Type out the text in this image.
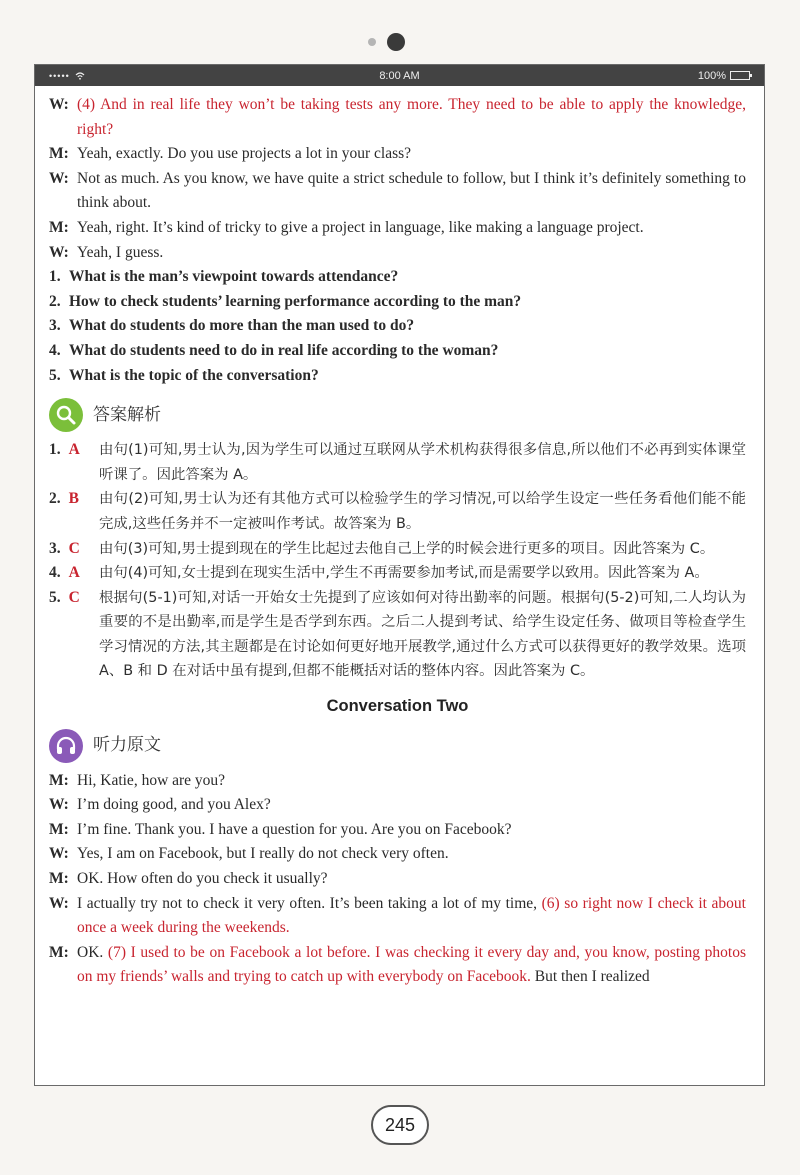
•••••	8:00 AM	100%
W: (4) And in real life they won’t be taking tests any more. They need to be able to apply the knowledge, right?
M: Yeah, exactly. Do you use projects a lot in your class?
W: Not as much. As you know, we have quite a strict schedule to follow, but I think it’s definitely something to think about.
M: Yeah, right. It’s kind of tricky to give a project in language, like making a language project.
W: Yeah, I guess.
1. What is the man’s viewpoint towards attendance?
2. How to check students’ learning performance according to the man?
3. What do students do more than the man used to do?
4. What do students need to do in real life according to the woman?
5. What is the topic of the conversation?
答案解析
1. A	由句(1)可知,男士认为,因为学生可以通过互联网从学术机构获得很多信息,所以他们不必再到实体课堂听课了。因此答案为 A。
2. B	由句(2)可知,男士认为还有其他方式可以检验学生的学习情况,可以给学生设定一些任务看他们能不能完成,这些任务并不一定被叫作考试。故答案为 B。
3. C	由句(3)可知,男士提到现在的学生比起过去他自己上学的时候会进行更多的项目。因此答案为 C。
4. A	由句(4)可知,女士提到在现实生活中,学生不再需要参加考试,而是需要学以致用。因此答案为 A。
5. C	根据句(5-1)可知,对话一开始女士先提到了应该如何对待出勤率的问题。根据句(5-2)可知,二人均认为重要的不是出勤率,而是学生是否学到东西。之后二人提到考试、给学生设定任务、做项目等检查学生学习情况的方法,其主题都是在讨论如何更好地开展教学,通过什么方式可以获得更好的教学效果。选项 A、B 和 D 在对话中虽有提到,但都不能概括对话的整体内容。因此答案为 C。
Conversation Two
听力原文
M: Hi, Katie, how are you?
W: I’m doing good, and you Alex?
M: I’m fine. Thank you. I have a question for you. Are you on Facebook?
W: Yes, I am on Facebook, but I really do not check very often.
M: OK. How often do you check it usually?
W: I actually try not to check it very often. It’s been taking a lot of my time, (6) so right now I check it about once a week during the weekends.
M: OK. (7) I used to be on Facebook a lot before. I was checking it every day and, you know, posting photos on my friends’ walls and trying to catch up with everybody on Facebook. But then I realized
245
